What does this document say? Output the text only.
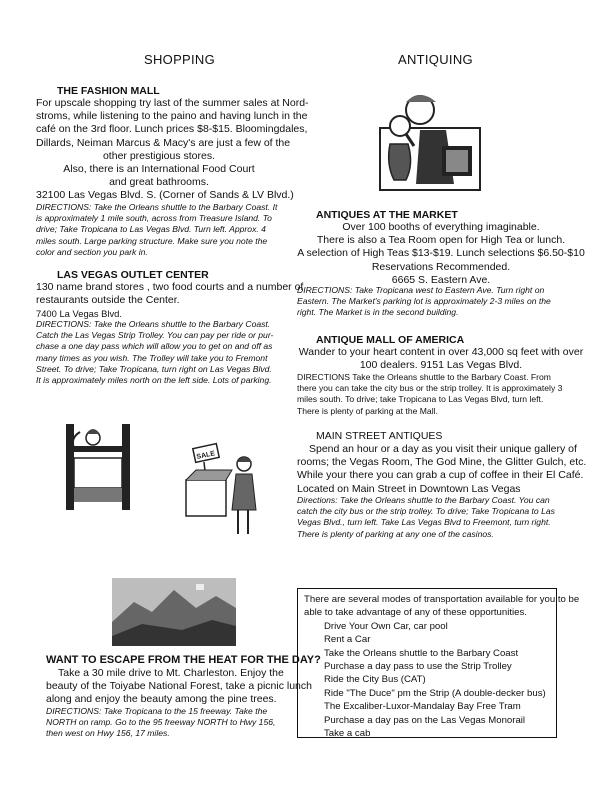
SHOPPING
THE FASHION MALL
For upscale shopping try last of the summer sales at Nord-
stroms, while listening to the paino and having lunch in the
café on the 3rd floor. Lunch prices $8-$15. Bloomingdales,
Dillards, Neiman Marcus & Macy's are just a few of the
other prestigious stores.
Also, there is an International Food Court
and great bathrooms.
32100 Las Vegas Blvd. S. (Corner of Sands & LV Blvd.)
DIRECTIONS: Take the Orleans shuttle to the Barbary Coast. It
is approximately 1 mile south, across from Treasure Island. To
drive; Take Tropicana to Las Vegas Blvd. Turn left. Approx. 4
miles south. Large parking structure. Make sure you note the
color and section you park in.
LAS VEGAS OUTLET CENTER
130 name brand stores , two food courts and a number of
restaurants outside the Center.
7400 La Vegas Blvd.
DIRECTIONS: Take the Orleans shuttle to the Barbary Coast.
Catch the Las Vegas Strip Trolley. You can pay per ride or pur-
chase a one day pass which will allow you to get on and off as
many times as you wish. The Trolley will take you to Fremont
Street. To drive; Take Tropicana, turn right on Las Vegas Blvd.
It is approximately miles north on the left side. Lots of parking.
SALE
WANT TO ESCAPE FROM THE HEAT FOR THE DAY?
Take a 30 mile drive to Mt. Charleston. Enjoy the
beauty of the Toiyabe National Forest, take a picnic lunch
along and enjoy the beauty among the pine trees.
DIRECTIONS: Take Tropicana to the 15 freeway. Take the
NORTH on ramp. Go to the 95 freeway NORTH to Hwy 156,
then west on Hwy 156, 17 miles.
ANTIQUING
ANTIQUES AT THE MARKET
Over 100 booths of everything imaginable.
There is also a Tea Room open for High Tea or lunch.
A selection of High Teas $13-$19. Lunch selections $6.50-$10
Reservations Recommended.
6665 S. Eastern Ave.
DIRECTIONS: Take Tropicana west to Eastern Ave. Turn right on
Eastern. The Market's parking lot is approximately 2-3 miles on the
right. The Market is in the second building.
ANTIQUE MALL OF AMERICA
Wander to your heart content in over 43,000 sq feet with over
100 dealers. 9151 Las Vegas Blvd.
DIRECTIONS Take the Orleans shuttle to the Barbary Coast. From
there you can take the city bus or the strip trolley. It is approximately 3
miles south. To drive; take Tropicana to Las Vegas Blvd, turn left.
There is plenty of parking at the Mall.
MAIN STREET ANTIQUES
Spend an hour or a day as you visit their unique gallery of
rooms; the Vegas Room, The God Mine, the Glitter Gulch, etc.
While your there you can grab a cup of coffee in their El Café.
Located on Main Street in Downtown Las Vegas
Directions: Take the Orleans shuttle to the Barbary Coast. You can
catch the city bus or the strip trolley. To drive; Take Tropicana to Las
Vegas Blvd., turn left. Take Las Vegas Blvd to Freemont, turn right.
There is plenty of parking at any one of the casinos.
There are several modes of transportation available for you to be
able to take advantage of any of these opportunities.
Drive Your Own Car, car pool
Rent a Car
Take the Orleans shuttle to the Barbary Coast
Purchase a day pass to use the Strip Trolley
Ride the City Bus (CAT)
Ride "The Duce" pm the Strip (A double-decker bus)
The Excaliber-Luxor-Mandalay Bay Free Tram
Purchase a day pas on the Las Vegas Monorail
Take a cab
